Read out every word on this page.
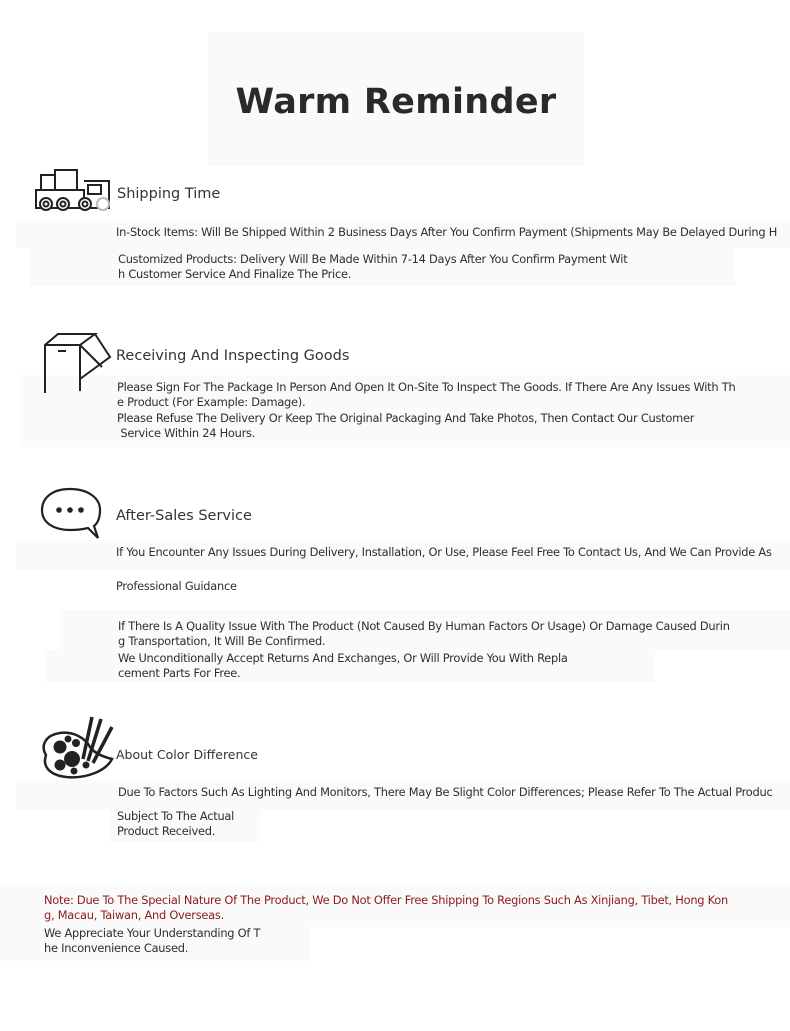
Warm Reminder
Shipping Time
In-Stock Items: Will Be Shipped Within 2 Business Days After You Confirm Payment (Shipments May Be Delayed During H
Customized Products: Delivery Will Be Made Within 7-14 Days After You Confirm Payment Wit
h Customer Service And Finalize The Price.
Receiving And Inspecting Goods
Please Sign For The Package In Person And Open It On-Site To Inspect The Goods. If There Are Any Issues With Th
e Product (For Example: Damage).
Please Refuse The Delivery Or Keep The Original Packaging And Take Photos, Then Contact Our Customer
Service Within 24 Hours.
After-Sales Service
If You Encounter Any Issues During Delivery, Installation, Or Use, Please Feel Free To Contact Us, And We Can Provide As
Professional Guidance
If There Is A Quality Issue With The Product (Not Caused By Human Factors Or Usage) Or Damage Caused Durin
g Transportation, It Will Be Confirmed.
We Unconditionally Accept Returns And Exchanges, Or Will Provide You With Repla
cement Parts For Free.
About Color Difference
Due To Factors Such As Lighting And Monitors, There May Be Slight Color Differences; Please Refer To The Actual Produc
Subject To The Actual
Product Received.
Note: Due To The Special Nature Of The Product, We Do Not Offer Free Shipping To Regions Such As Xinjiang, Tibet, Hong Kon
g, Macau, Taiwan, And Overseas.
We Appreciate Your Understanding Of T
he Inconvenience Caused.
